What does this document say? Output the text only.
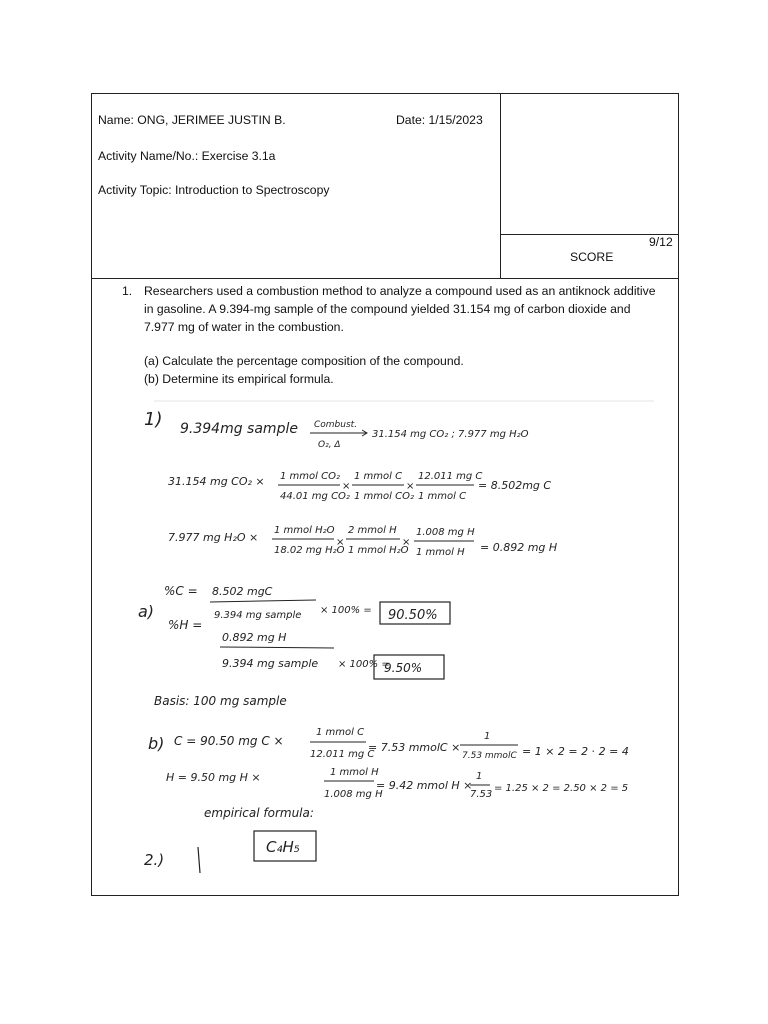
Name: ONG, JERIMEE JUSTIN B.	Date: 1/15/2023
Activity Name/No.: Exercise 3.1a
Activity Topic: Introduction to Spectroscopy
9/12
SCORE
1. Researchers used a combustion method to analyze a compound used as an antiknock additive

in gasoline. A 9.394-mg sample of the compound yielded 31.154 mg of carbon dioxide and

7.977 mg of water in the combustion.

(a) Calculate the percentage composition of the compound.

(b) Determine its empirical formula.

1) 9.394mg sample Combust.
O₂, Δ
31.154 mg CO₂ ; 7.977 mg H₂O
31.154 mg CO₂ × 1 mmol CO₂
44.01 mg CO₂
×
1 mmol C
1 mmol CO₂
×
12.011 mg C
1 mmol C
= 8.502mg C
7.977 mg H₂O ×
1 mmol H₂O
18.02 mg H₂O
×
2 mmol H
1 mmol H₂O
×
1.008 mg H
1 mmol H = 0.892 mg H
a)
%C = 8.502 mgC
9.394 mg sample × 100% = 90.50%
%H =
0.892 mg H
9.394 mg sample × 100% =
9.50%
Basis: 100 mg sample
b) C = 90.50 mg C ×
1 mmol C
12.011 mg C
= 7.53 mmolC ×
1
7.53 mmolC = 1 × 2 = 2 ⋅ 2 = 4
H = 9.50 mg H ×	1 mmol H
1.008 mg H
= 9.42 mmol H ×
1
7.53
= 1.25 × 2 = 2.50 × 2 = 5
empirical formula:
C₄H₅
2.)
